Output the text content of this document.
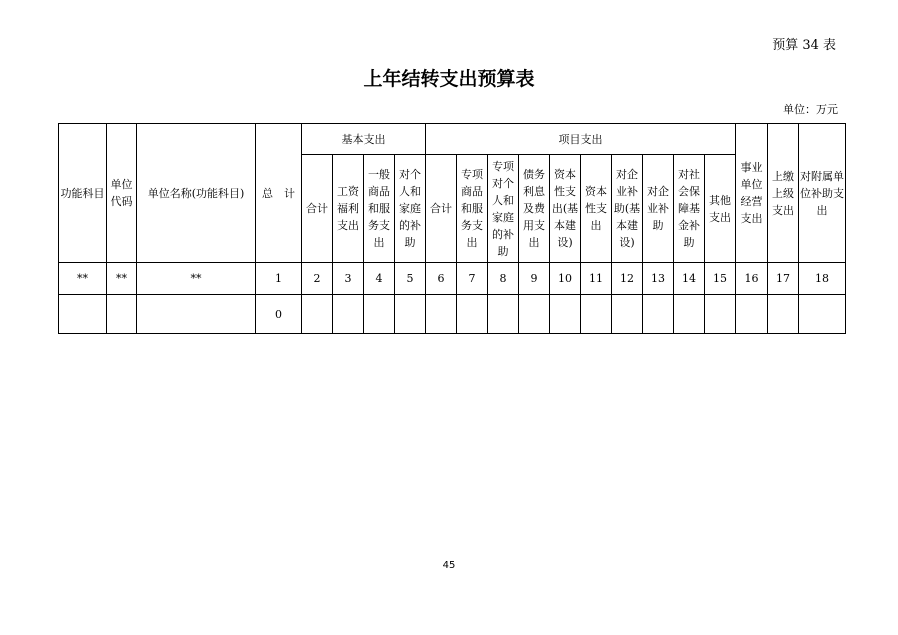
预算 34 表
上年结转支出预算表
单位：万元
功能科目	单位代码	单位名称(功能科目)	总　计	基本支出				项目支出										事业单位经营支出	上缴上级支出	对附属单位补助支出
				合计	工资福利支出	一般商品和服务支出	对个人和家庭的补助	合计	专项商品和服务支出	专项对个人和家庭的补助	债务利息及费用支出	资本性支出(基本建设)	资本性支出	对企业补助(基本建设)	对企业补助	对社会保障基金补助	其他支出			
**	**	**	1	2	3	4	5	6	7	8	9	10	11	12	13	14	15	16	17	18
			0																	
45
